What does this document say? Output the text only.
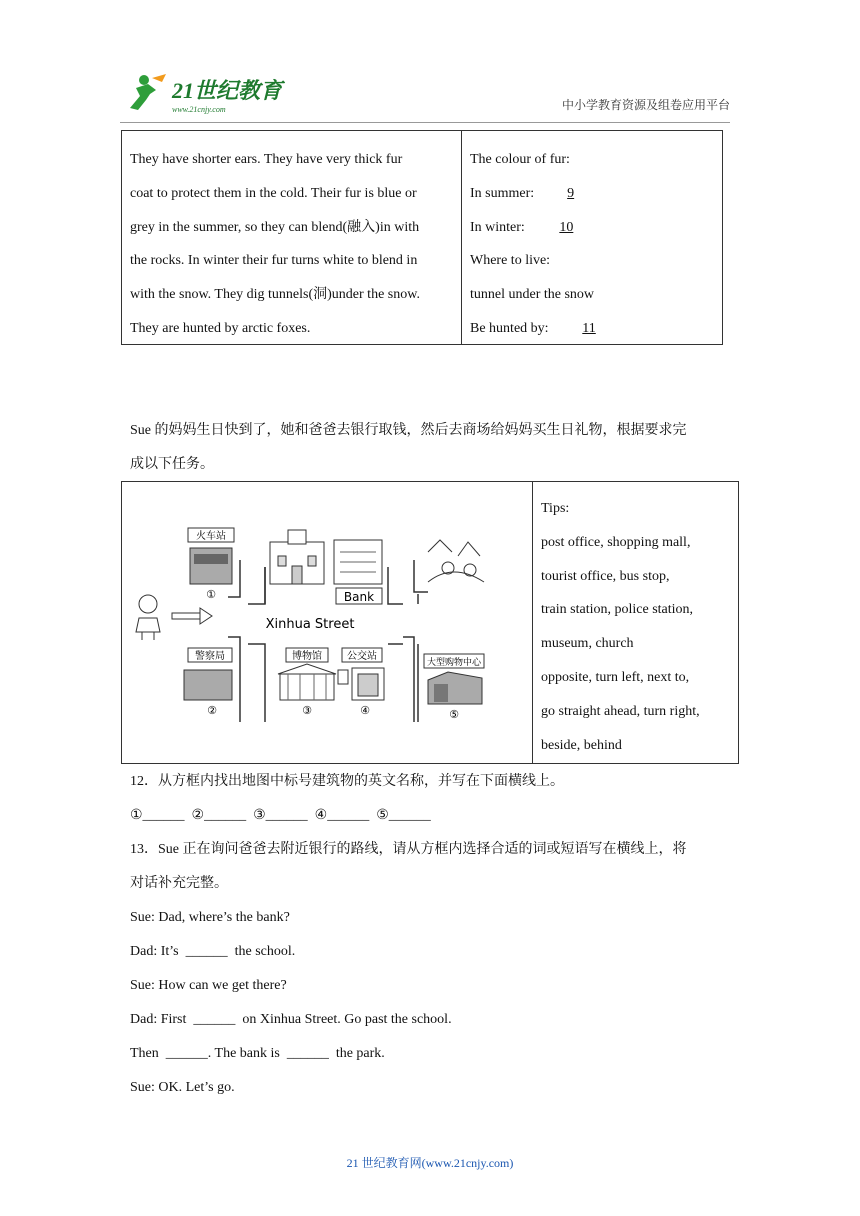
21世纪教育
www.21cnjy.com	中小学教育资源及组卷应用平台
They have shorter ears. They have very thick fur
coat to protect them in the cold. Their fur is blue or
grey in the summer, so they can blend(融入)in with
the rocks. In winter their fur turns white to blend in
with the snow. They dig tunnels(洞)under the snow.
They are hunted by arctic foxes.
The colour of fur:
In summer: 9
In winter: 10
Where to live:
tunnel under the snow
Be hunted by: 11
Sue 的妈妈生日快到了，她和爸爸去银行取钱，然后去商场给妈妈买生日礼物，根据要求完
成以下任务。
火车站
①	Bank
Xinhua Street
警察局
②
博物馆
③
公交站
④
大型购物中心
⑤
Tips:
post office, shopping mall,
tourist office, bus stop,
train station, police station,
museum, church
opposite, turn left, next to,
go straight ahead, turn right,
beside, behind
12．从方框内找出地图中标号建筑物的英文名称，并写在下面横线上。
①______  ②______  ③______  ④______  ⑤______
13．Sue 正在询问爸爸去附近银行的路线，请从方框内选择合适的词或短语写在横线上，将
对话补充完整。
Sue: Dad, where’s the bank?
Dad: It’s  ______  the school.
Sue: How can we get there?
Dad: First  ______  on Xinhua Street. Go past the school.
Then  ______. The bank is  ______  the park.
Sue: OK. Let’s go.
21 世纪教育网(www.21cnjy.com)
